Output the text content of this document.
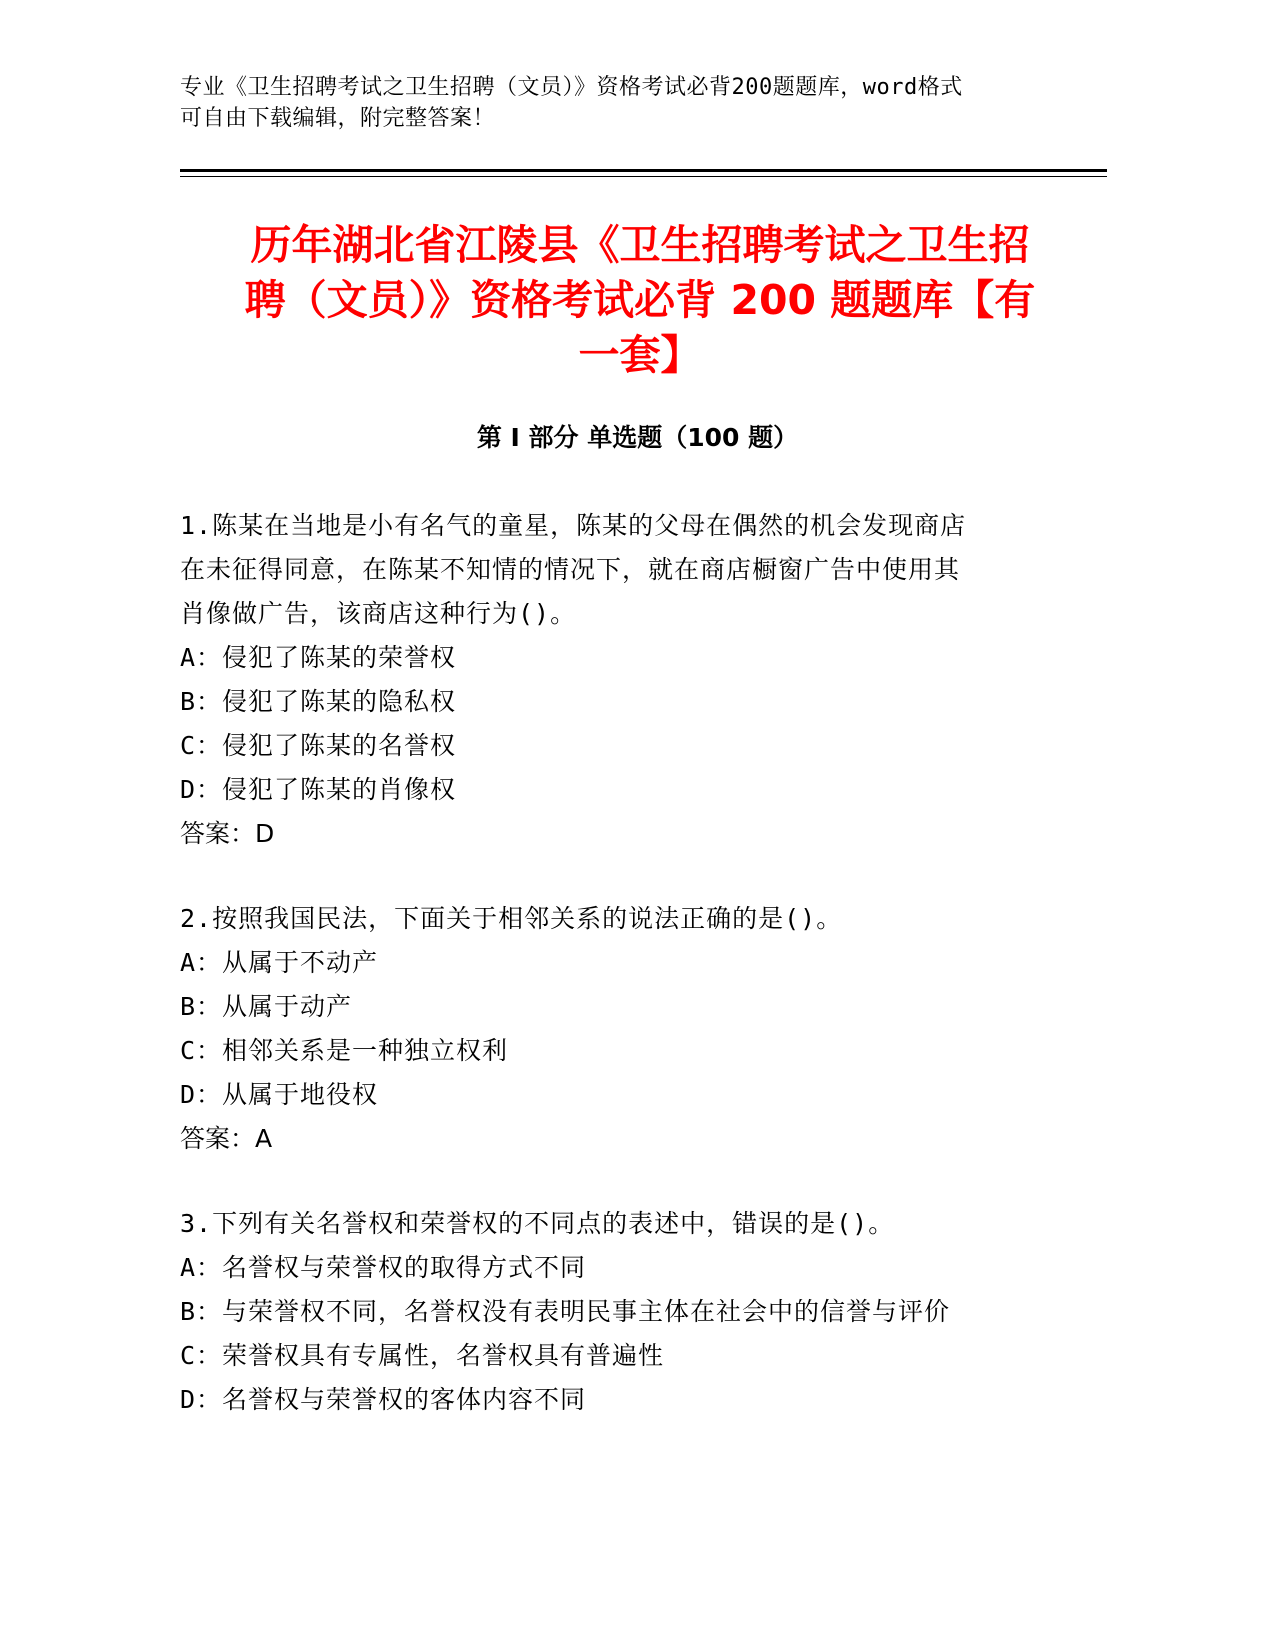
专业《卫生招聘考试之卫生招聘（文员）》资格考试必背200题题库，word格式
可自由下载编辑，附完整答案！
历年湖北省江陵县《卫生招聘考试之卫生招
聘（文员）》资格考试必背 200 题题库【有
一套】
第 I 部分 单选题（100 题）
1.陈某在当地是小有名气的童星，陈某的父母在偶然的机会发现商店
在未征得同意，在陈某不知情的情况下，就在商店橱窗广告中使用其
肖像做广告，该商店这种行为()。
A：侵犯了陈某的荣誉权
B：侵犯了陈某的隐私权
C：侵犯了陈某的名誉权
D：侵犯了陈某的肖像权
答案：D
2.按照我国民法，下面关于相邻关系的说法正确的是()。
A：从属于不动产
B：从属于动产
C：相邻关系是一种独立权利
D：从属于地役权
答案：A
3.下列有关名誉权和荣誉权的不同点的表述中，错误的是()。
A：名誉权与荣誉权的取得方式不同
B：与荣誉权不同，名誉权没有表明民事主体在社会中的信誉与评价
C：荣誉权具有专属性，名誉权具有普遍性
D：名誉权与荣誉权的客体内容不同
